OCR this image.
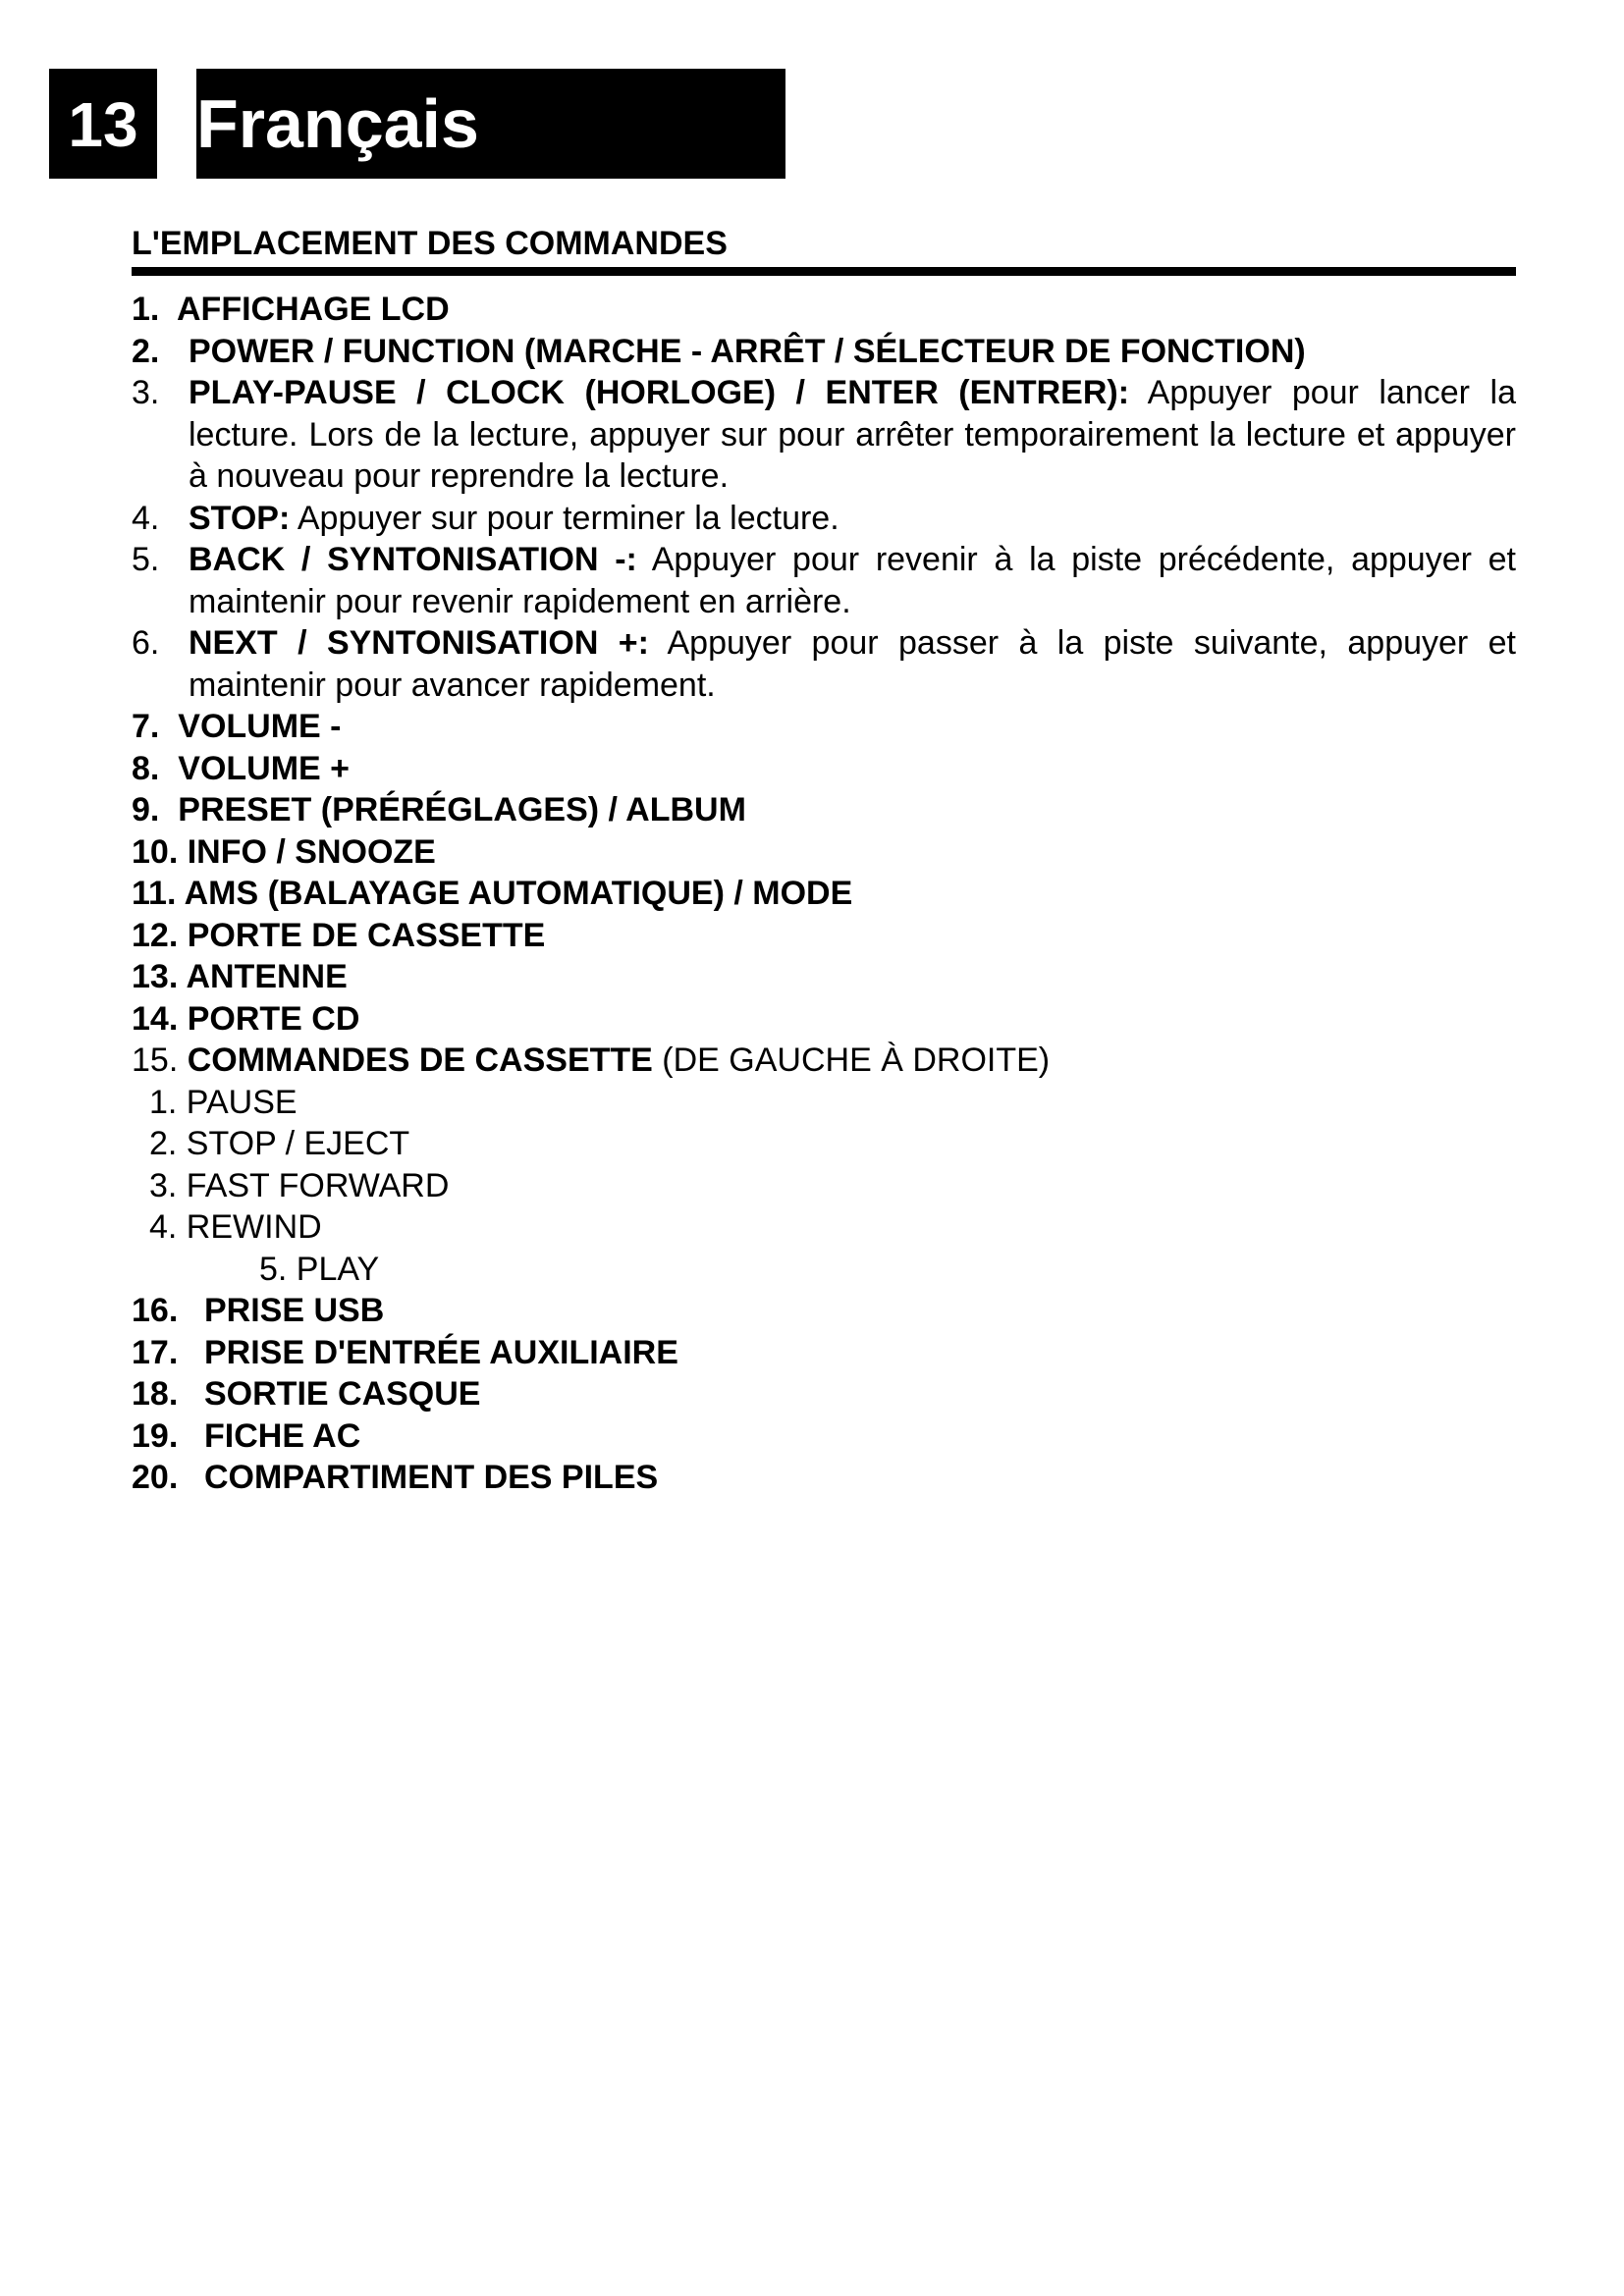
13 Français
L'EMPLACEMENT DES COMMANDES
1. AFFICHAGE LCD
2. POWER / FUNCTION (MARCHE - ARRÊT / SÉLECTEUR DE FONCTION)
3. PLAY-PAUSE / CLOCK (HORLOGE) / ENTER (ENTRER): Appuyer pour lancer la lecture. Lors de la lecture, appuyer sur pour arrêter temporairement la lecture et appuyer à nouveau pour reprendre la lecture.
4. STOP: Appuyer sur pour terminer la lecture.
5. BACK / SYNTONISATION -: Appuyer pour revenir à la piste précédente, appuyer et maintenir pour revenir rapidement en arrière.
6. NEXT / SYNTONISATION +: Appuyer pour passer à la piste suivante, appuyer et maintenir pour avancer rapidement.
7. VOLUME -
8. VOLUME +
9. PRESET (PRÉRÉGLAGES) / ALBUM
10. INFO / SNOOZE
11. AMS (BALAYAGE AUTOMATIQUE) / MODE
12. PORTE DE CASSETTE
13. ANTENNE
14. PORTE CD
15. COMMANDES DE CASSETTE (DE GAUCHE À DROITE)
1. PAUSE
2. STOP / EJECT
3. FAST FORWARD
4. REWIND
5. PLAY
16. PRISE USB
17. PRISE D'ENTRÉE AUXILIAIRE
18. SORTIE CASQUE
19. FICHE AC
20. COMPARTIMENT DES PILES
